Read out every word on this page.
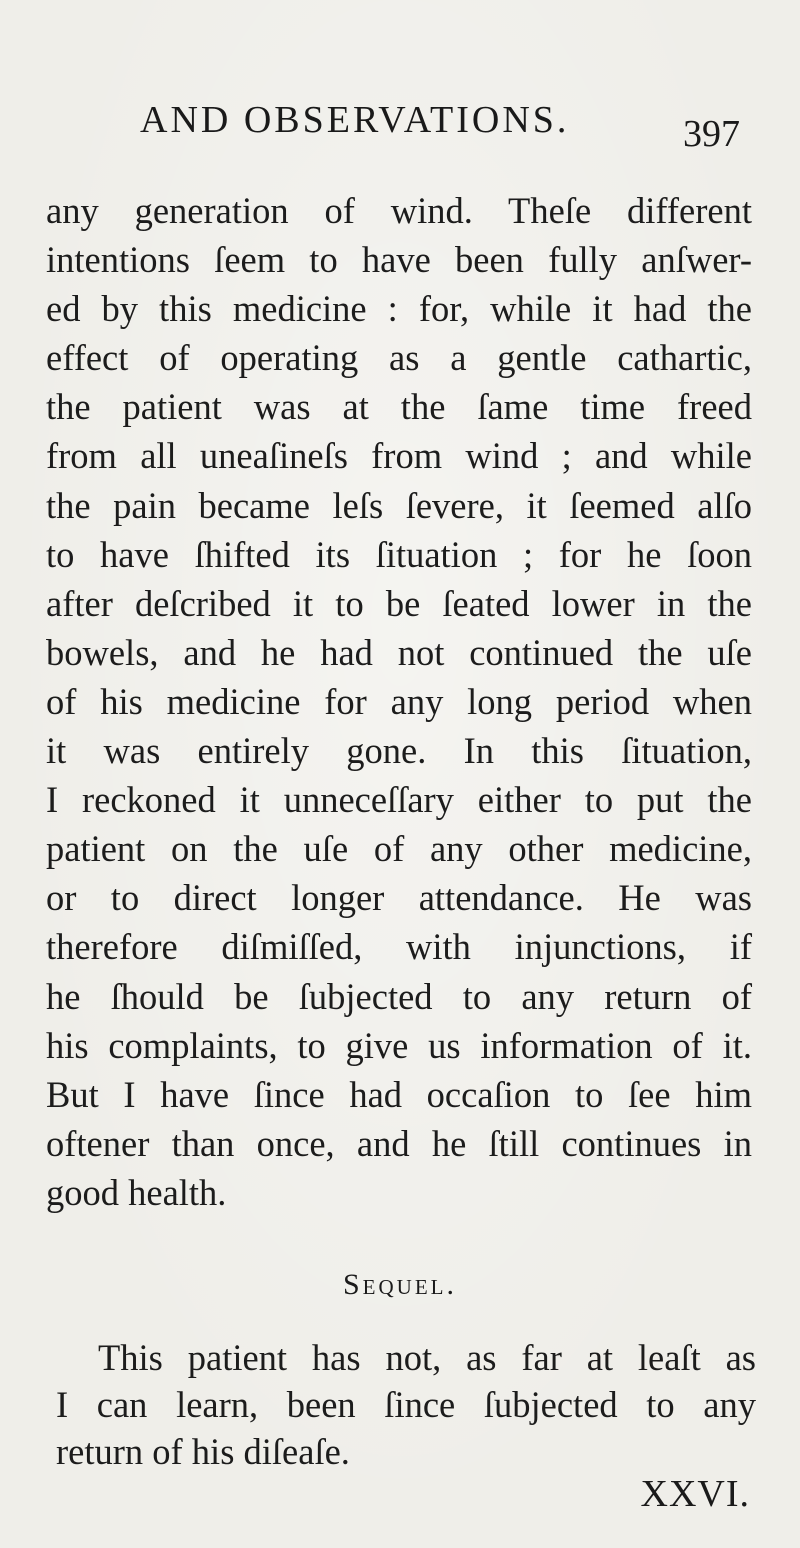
AND OBSERVATIONS.	397
any generation of wind. Theſe different
intentions ſeem to have been fully anſwer-
ed by this medicine : for, while it had the
effect of operating as a gentle cathartic,
the patient was at the ſame time freed
from all uneaſineſs from wind ; and while
the pain became leſs ſevere, it ſeemed alſo
to have ſhifted its ſituation ; for he ſoon
after deſcribed it to be ſeated lower in the
bowels, and he had not continued the uſe
of his medicine for any long period when
it was entirely gone. In this ſituation,
I reckoned it unneceſſary either to put the
patient on the uſe of any other medicine,
or to direct longer attendance. He was
therefore diſmiſſed, with injunctions, if
he ſhould be ſubjected to any return of
his complaints, to give us information of it.
But I have ſince had occaſion to ſee him
oftener than once, and he ſtill continues in
good health.
Sequel.
This patient has not, as far at leaſt as
I can learn, been ſince ſubjected to any
return of his diſeaſe.
XXVI.
